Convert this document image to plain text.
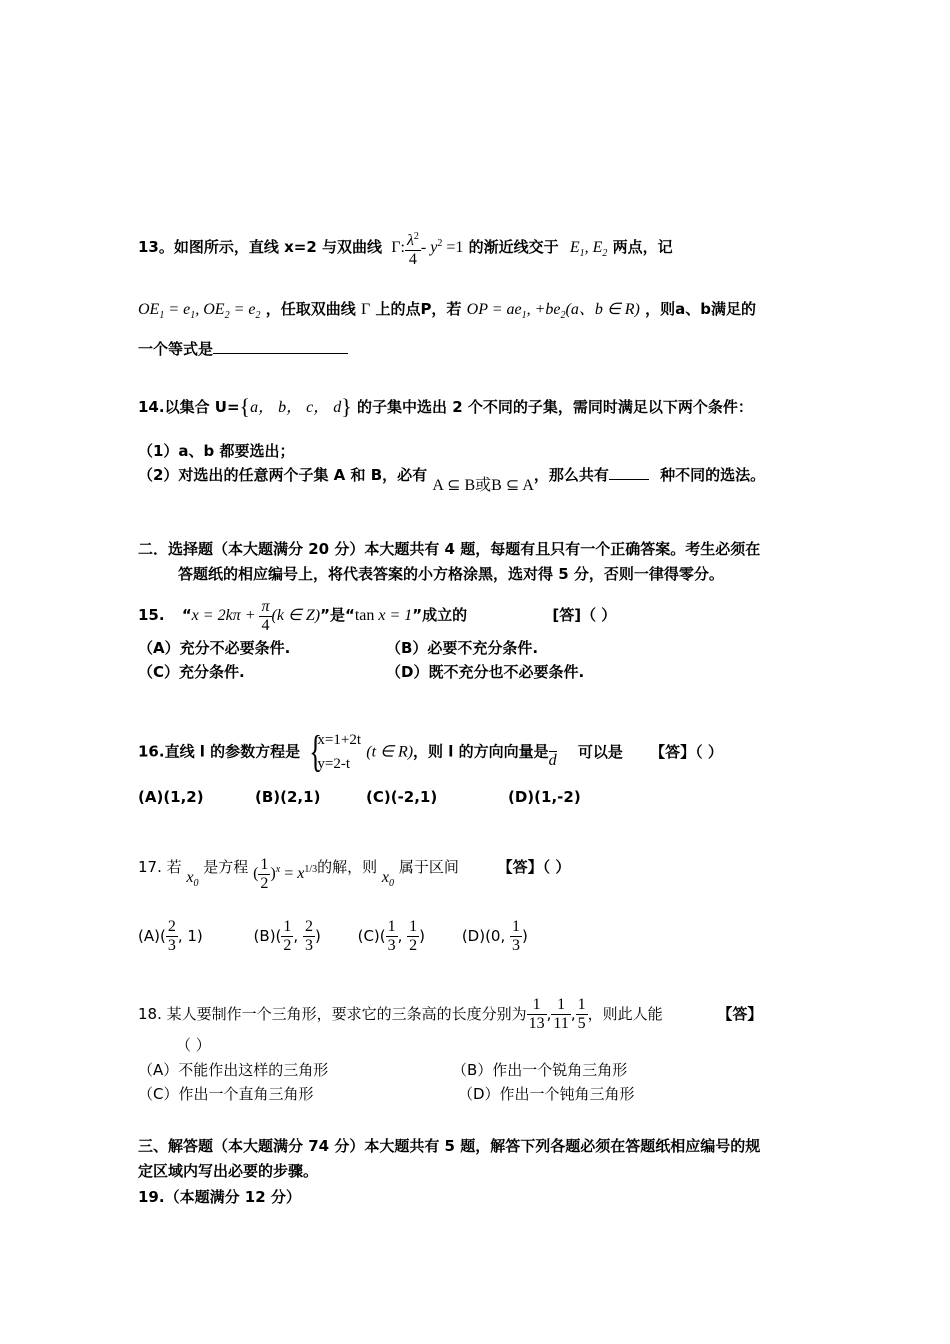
13。如图所示，直线 x=2 与双曲线 Γ: $\frac{\lambda^2}{4} - y^2 =1$ 的渐近线交于 $E_1$, $E_2$ 两点，记
$OE_1 = e_1$, $OE_2 = e_2$ ，任取双曲线 Γ 上的点P，若 OP = $ae_1$, $+be_2(a$、b ∈ R) ，则a、b满足的
一个等式是
14.以集合 U={a， b， c， d} 的子集中选出 2 个不同的子集，需同时满足以下两个条件：
（1）a、b 都要选出；
（2）对选出的任意两个子集 A 和 B，必有 A ⊆ B或B ⊆ A，那么共有	种不同的选法。
二．选择题（本大题满分 20 分）本大题共有 4 题，每题有且只有一个正确答案。考生必须在
答题纸的相应编号上，将代表答案的小方格涂黑，选对得 5 分，否则一律得零分。
15. “$x = 2k\pi + \frac{\pi}{4} (k$ ∈ Z)”是“tan x = 1”成立的	[答]（ ）
（A）充分不必要条件.	（B）必要不充分条件.
（C）充分条件.	（D）既不充分也不必要条件.
16.直线 l 的参数方程是 {
x=1+2t
y=2-t
(t ∈ R)，则 l 的方向向量是d 可以是 【答】（ ）
(A)(1,2)	(B)(2,1)	(C)(-2,1)	(D)(1,-2)
17. 若 $x_0$ 是方程 ( $\frac{1}{2} )^x = x^{1/3}$的解，则 $x_0$ 属于区间	【答】（ ）
$(A)( \frac{2}{3}$ , 1)	$(B)( \frac{1}{2}$ , $\frac{2}{3}$ ) $(C)( \frac{1}{3}$ , $\frac{1}{2}$ ) (D)(0, $\frac{1}{3}$ )
18. 某人要制作一个三角形，要求它的三条高的长度分别为 $\frac{1}{13}$ , $\frac{1}{11}$ , $\frac{1}{5}$ ，则此人能	【答】
（ ）
（A）不能作出这样的三角形	（B）作出一个锐角三角形
（C）作出一个直角三角形	（D）作出一个钝角三角形
三、解答题（本大题满分 74 分）本大题共有 5 题，解答下列各题必须在答题纸相应编号的规
定区域内写出必要的步骤。
19.（本题满分 12 分）
